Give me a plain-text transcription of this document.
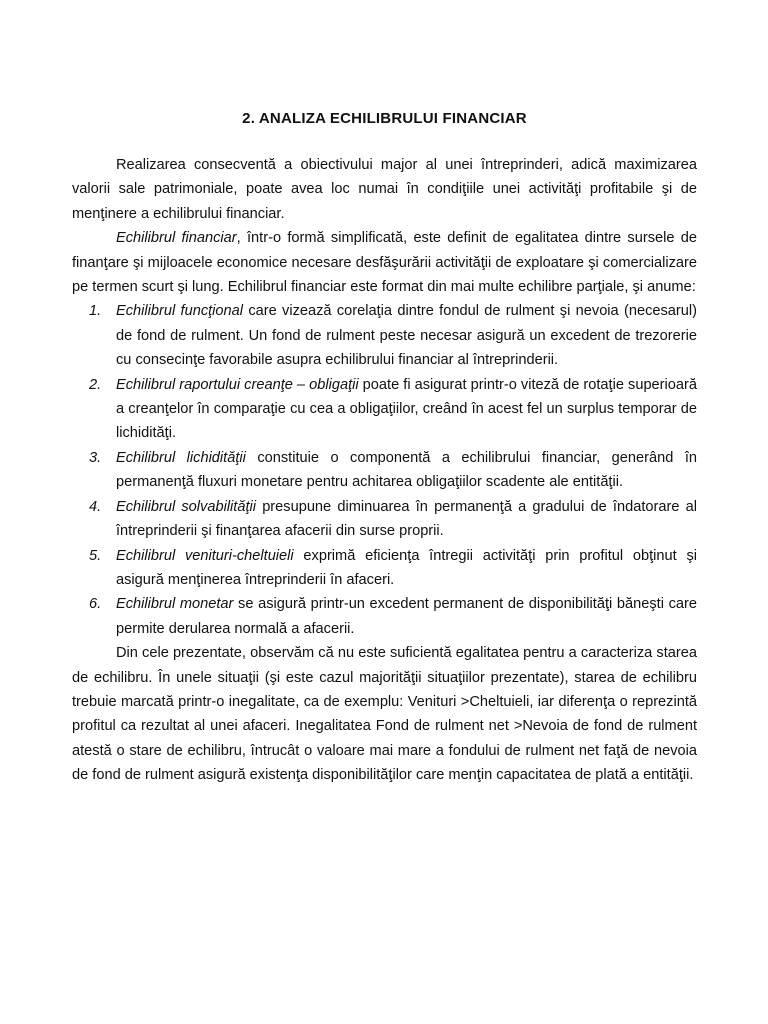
2. ANALIZA ECHILIBRULUI FINANCIAR

Realizarea consecventă a obiectivului major al unei întreprinderi, adică maximizarea valorii sale patrimoniale, poate avea loc numai în condiţiile unei activităţi profitabile şi de menţinere a echilibrului financiar.

Echilibrul financiar, într-o formă simplificată, este definit de egalitatea dintre sursele de finanţare şi mijloacele economice necesare desfăşurării activităţii de exploatare şi comercializare pe termen scurt şi lung. Echilibrul financiar este format din mai multe echilibre parţiale, şi anume:

1. Echilibrul funcţional care vizează corelaţia dintre fondul de rulment şi nevoia (necesarul) de fond de rulment. Un fond de rulment peste necesar asigură un excedent de trezorerie cu consecinţe favorabile asupra echilibrului financiar al întreprinderii.
2. Echilibrul raportului creanţe – obligaţii poate fi asigurat printr-o viteză de rotaţie superioară a creanţelor în comparaţie cu cea a obligaţiilor, creând în acest fel un surplus temporar de lichidităţi.
3. Echilibrul lichidităţii constituie o componentă a echilibrului financiar, generând în permanenţă fluxuri monetare pentru achitarea obligaţiilor scadente ale entităţii.
4. Echilibrul solvabilităţii presupune diminuarea în permanenţă a gradului de îndatorare al întreprinderii şi finanţarea afacerii din surse proprii.
5. Echilibrul venituri-cheltuieli exprimă eficienţa întregii activităţi prin profitul obţinut şi asigură menţinerea întreprinderii în afaceri.
6. Echilibrul monetar se asigură printr-un excedent permanent de disponibilităţi băneşti care permite derularea normală a afacerii.

Din cele prezentate, observăm că nu este suficientă egalitatea pentru a caracteriza starea de echilibru. În unele situaţii (şi este cazul majorităţii situaţiilor prezentate), starea de echilibru trebuie marcată printr-o inegalitate, ca de exemplu: Venituri >Cheltuieli, iar diferenţa o reprezintă profitul ca rezultat al unei afaceri. Inegalitatea Fond de rulment net >Nevoia de fond de rulment atestă o stare de echilibru, întrucât o valoare mai mare a fondului de rulment net faţă de nevoia de fond de rulment asigură existenţa disponibilităţilor care menţin capacitatea de plată a entităţii.
